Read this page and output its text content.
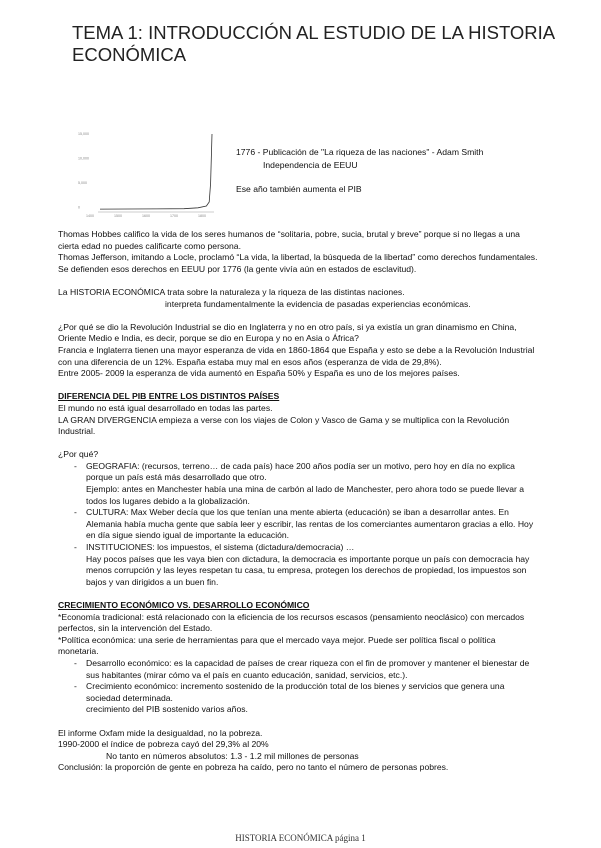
TEMA 1: INTRODUCCIÓN AL ESTUDIO DE LA HISTORIA
ECONÓMICA
15,000
10,000
5,000
0
1400	1500	1600	1700	1800
1776 - Publicación de "La riqueza de las naciones" - Adam Smith
Independencia de EEUU
Ese año también aumenta el PIB

Thomas Hobbes califico la vida de los seres humanos de “solitaria, pobre, sucia, brutal y breve” porque si no llegas a una cierta edad no puedes calificarte como persona.

Thomas Jefferson, imitando a Locle, proclamó “La vida, la libertad, la búsqueda de la libertad” como derechos fundamentales. Se defienden esos derechos en EEUU por 1776 (la gente vivía aún en estados de esclavitud).

La HISTORIA ECONÓMICA trata sobre la naturaleza y la riqueza de las distintas naciones.

interpreta fundamentalmente la evidencia de pasadas experiencias económicas.

¿Por qué se dio la Revolución Industrial se dio en Inglaterra y no en otro país, si ya existía un gran dinamismo en China, Oriente Medio e India, es decir, porque se dio en Europa y no en Asia o África?

Francia e Inglaterra tienen una mayor esperanza de vida en 1860-1864 que España y esto se debe a la Revolución Industrial con una diferencia de un 12%. España estaba muy mal en esos años (esperanza de vida de 29,8%).

Entre 2005- 2009 la esperanza de vida aumentó en España 50% y España es uno de los mejores países.

DIFERENCIA DEL PIB ENTRE LOS DISTINTOS PAÍSES

El mundo no está igual desarrollado en todas las partes.

LA GRAN DIVERGENCIA empieza a verse con los viajes de Colon y Vasco de Gama y se multiplica con la Revolución Industrial.

¿Por qué?

- GEOGRAFIA: (recursos, terreno… de cada país) hace 200 años podía ser un motivo, pero hoy en día no explica porque un país está más desarrollado que otro.
Ejemplo: antes en Manchester había una mina de carbón al lado de Manchester, pero ahora todo se puede llevar a todos los lugares debido a la globalización.
- CULTURA: Max Weber decía que los que tenían una mente abierta (educación) se iban a desarrollar antes. En Alemania había mucha gente que sabía leer y escribir, las rentas de los comerciantes aumentaron gracias a ello. Hoy en día sigue siendo igual de importante la educación.
- INSTITUCIONES: los impuestos, el sistema (dictadura/democracia) …
Hay pocos países que les vaya bien con dictadura, la democracia es importante porque un país con democracia hay menos corrupción y las leyes respetan tu casa, tu empresa, protegen los derechos de propiedad, los impuestos son bajos y van dirigidos a un buen fin.

CRECIMIENTO ECONÓMICO VS. DESARROLLO ECONÓMICO

*Economía tradicional: está relacionado con la eficiencia de los recursos escasos (pensamiento neoclásico) con mercados perfectos, sin la intervención del Estado.

*Política económica: una serie de herramientas para que el mercado vaya mejor. Puede ser política fiscal o política monetaria.

- Desarrollo económico: es la capacidad de países de crear riqueza con el fin de promover y mantener el bienestar de sus habitantes (mirar cómo va el país en cuanto educación, sanidad, servicios, etc.).
- Crecimiento económico: incremento sostenido de la producción total de los bienes y servicios que genera una sociedad determinada.
crecimiento del PIB sostenido varios años.

El informe Oxfam mide la desigualdad, no la pobreza.

1990-2000 el índice de pobreza cayó del 29,3% al 20%

No tanto en números absolutos: 1.3 - 1.2 mil millones de personas

Conclusión: la proporción de gente en pobreza ha caído, pero no tanto el número de personas pobres.

HISTORIA ECONÓMICA página 1
